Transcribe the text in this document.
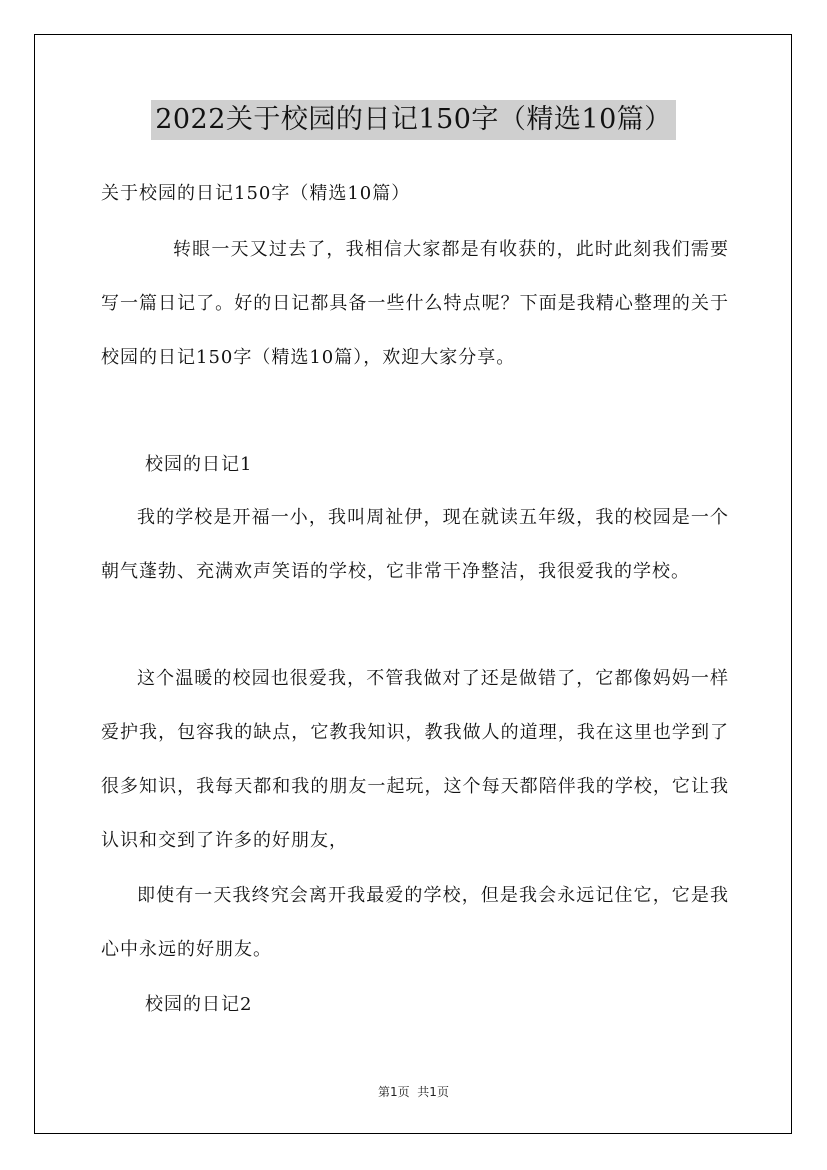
2022关于校园的日记150字（精选10篇）
关于校园的日记150字（精选10篇）
转眼一天又过去了，我相信大家都是有收获的，此时此刻我们需要写一篇日记了。好的日记都具备一些什么特点呢？下面是我精心整理的关于校园的日记150字（精选10篇），欢迎大家分享。
校园的日记1
我的学校是开福一小，我叫周祉伊，现在就读五年级，我的校园是一个朝气蓬勃、充满欢声笑语的学校，它非常干净整洁，我很爱我的学校。
这个温暖的校园也很爱我，不管我做对了还是做错了，它都像妈妈一样爱护我，包容我的缺点，它教我知识，教我做人的道理，我在这里也学到了很多知识，我每天都和我的朋友一起玩，这个每天都陪伴我的学校，它让我认识和交到了许多的好朋友，
即使有一天我终究会离开我最爱的学校，但是我会永远记住它，它是我心中永远的好朋友。
校园的日记2
第1页  共1页
